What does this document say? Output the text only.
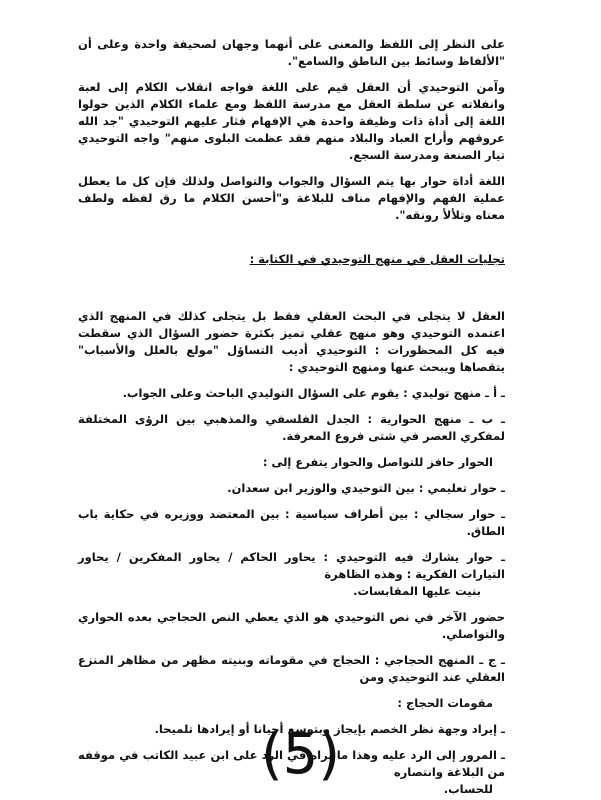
على النظر إلى اللفظ والمعنى على أنهما وجهان لصحيفة واحدة وعلى أن "الألفاظ وسائط بين الناطق والسامع".

وآمن التوحيدي أن العقل قيم على اللغة فواجه انقلاب الكلام إلى لعبة وانفلاته عن سلطة العقل مع مدرسة اللفظ ومع علماء الكلام الذين حولوا اللغة إلى أداة ذات وظيفة واحدة هي الإفهام فثار عليهم التوحيدي "جد الله عروقهم وأراح العباد والبلاد منهم فقد عظمت البلوى منهم" واجه التوحيدي تيار الصنعة ومدرسة السجع.

اللغة أداة حوار بها يتم السؤال والجواب والتواصل ولذلك فإن كل ما يعطل عملية الفهم والإفهام مناف للبلاغة و"أحسن الكلام ما رق لفظه ولطف معناه وتلألأ رونقه".

تجليات العقل في منهج التوحيدي في الكتابة :

العقل لا يتجلى في البحث العقلي فقط بل يتجلى كذلك في المنهج الذي اعتمده التوحيدي وهو منهج عقلي تميز بكثرة حضور السؤال الذي سقطت فيه كل المحظورات : التوحيدي أديب التساؤل "مولع بالعلل والأسباب" يتقصاها ويبحث عنها ومنهج التوحيدي :

ـ أ ـ منهج توليدي : يقوم على السؤال التوليدي الباحث وعلى الجواب.

ـ ب ـ منهج الحوارية : الجدل الفلسفي والمذهبي بين الرؤى المختلفة لمفكري العصر في شتى فروع المعرفة.

الحوار حافز للتواصل والحوار يتفرع إلى :

ـ حوار تعليمي : بين التوحيدي والوزير ابن سعدان.

ـ حوار سجالي : بين أطراف سياسية : بين المعتضد ووزيره في حكاية باب الطاق.

ـ حوار يشارك فيه التوحيدي : يحاور الحاكم / يحاور المفكرين / يحاور التيارات الفكرية : وهذه الظاهرة

بنيت عليها المقابسات.

حضور الآخر في نص التوحيدي هو الذي يعطي النص الحجاجي بعده الحواري والتواصلي.

ـ ج ـ المنهج الحجاجي : الحجاج في مقوماته وبنيته مظهر من مظاهر المنزع العقلي عند التوحيدي ومن

مقومات الحجاج :

ـ إيراد وجهة نظر الخصم بإيجاز وبتوسع أحيانا أو إيرادها تلميحا.

ـ المرور إلى الرد عليه وهذا ما نراه في الرد على ابن عبيد الكاتب في موقفه من البلاغة وانتصاره

للحساب.

(5)
